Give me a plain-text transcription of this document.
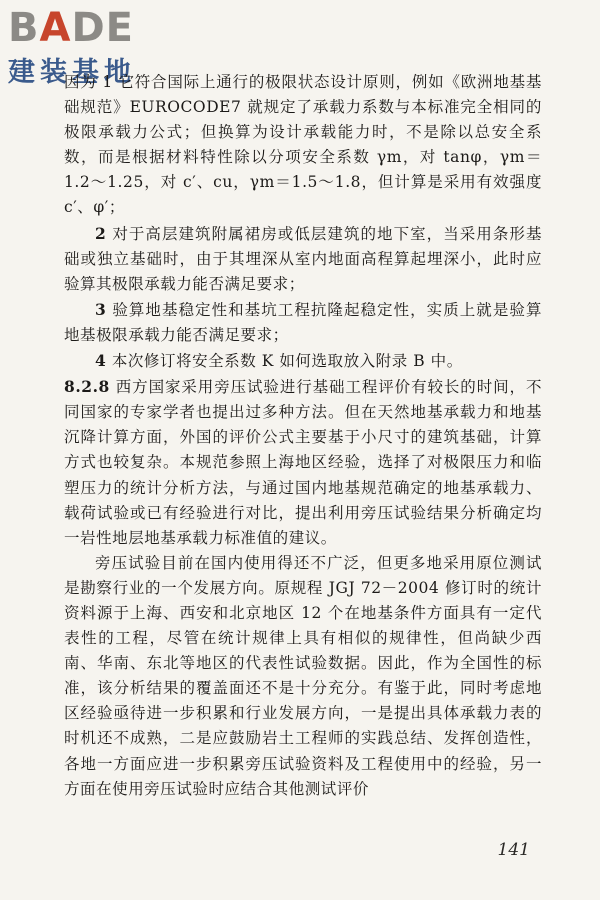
BADE
建装基地

因为 1 它符合国际上通行的极限状态设计原则，例如《欧洲地基基础规范》EUROCODE7 就规定了承载力系数与本标准完全相同的极限承载力公式；但换算为设计承载能力时，不是除以总安全系数，而是根据材料特性除以分项安全系数 γm，对 tanφ，γm＝1.2～1.25，对 c′、cu，γm＝1.5～1.8，但计算是采用有效强度 c′、φ′；

2 对于高层建筑附属裙房或低层建筑的地下室，当采用条形基础或独立基础时，由于其埋深从室内地面高程算起埋深小，此时应验算其极限承载力能否满足要求；

3 验算地基稳定性和基坑工程抗隆起稳定性，实质上就是验算地基极限承载力能否满足要求；

4 本次修订将安全系数 K 如何选取放入附录 B 中。

8.2.8 西方国家采用旁压试验进行基础工程评价有较长的时间，不同国家的专家学者也提出过多种方法。但在天然地基承载力和地基沉降计算方面，外国的评价公式主要基于小尺寸的建筑基础，计算方式也较复杂。本规范参照上海地区经验，选择了对极限压力和临塑压力的统计分析方法，与通过国内地基规范确定的地基承载力、载荷试验或已有经验进行对比，提出利用旁压试验结果分析确定均一岩性地层地基承载力标准值的建议。

旁压试验目前在国内使用得还不广泛，但更多地采用原位测试是勘察行业的一个发展方向。原规程 JGJ 72－2004 修订时的统计资料源于上海、西安和北京地区 12 个在地基条件方面具有一定代表性的工程，尽管在统计规律上具有相似的规律性，但尚缺少西南、华南、东北等地区的代表性试验数据。因此，作为全国性的标准，该分析结果的覆盖面还不是十分充分。有鉴于此，同时考虑地区经验亟待进一步积累和行业发展方向，一是提出具体承载力表的时机还不成熟，二是应鼓励岩土工程师的实践总结、发挥创造性，各地一方面应进一步积累旁压试验资料及工程使用中的经验，另一方面在使用旁压试验时应结合其他测试评价

141
